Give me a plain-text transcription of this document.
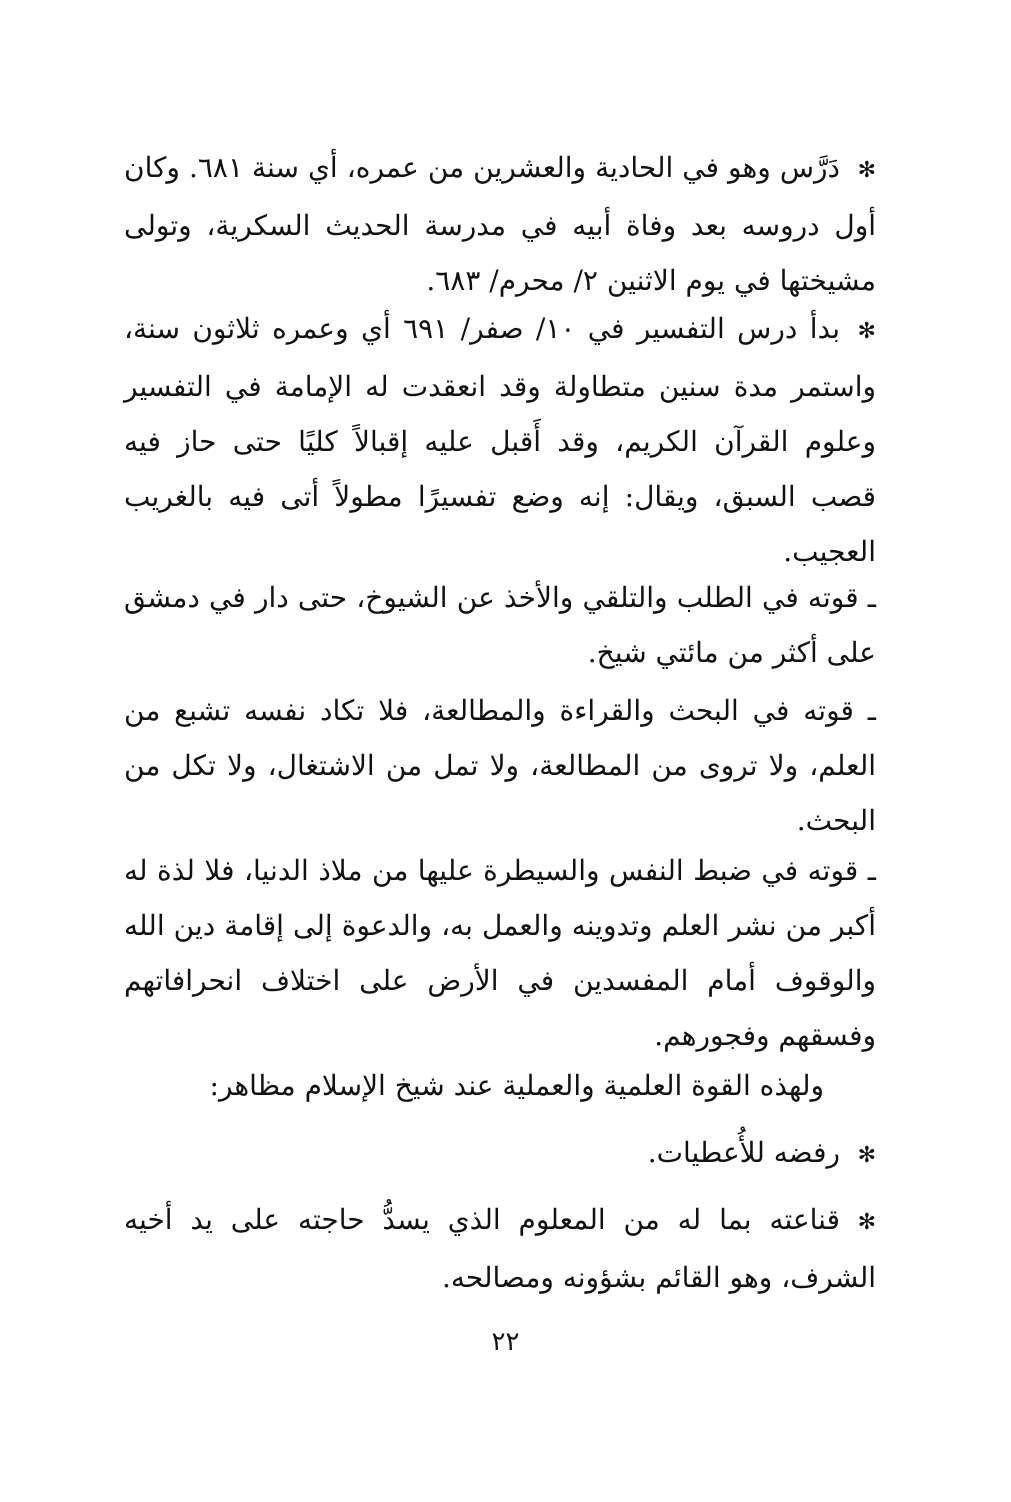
✻دَرَّس وهو في الحادية والعشرين من عمره، أي سنة ٦٨١. وكان أول دروسه بعد وفاة أبيه في مدرسة الحديث السكرية، وتولى مشيختها في يوم الاثنين ٢/ محرم/ ٦٨٣.

✻بدأ درس التفسير في ١٠/ صفر/ ٦٩١ أي وعمره ثلاثون سنة، واستمر مدة سنين متطاولة وقد انعقدت له الإمامة في التفسير وعلوم القرآن الكريم، وقد أَقبل عليه إقبالاً كليًا حتى حاز فيه قصب السبق، ويقال: إنه وضع تفسيرًا مطولاً أتى فيه بالغريب العجيب.

ـ قوته في الطلب والتلقي والأخذ عن الشيوخ، حتى دار في دمشق على أكثر من مائتي شيخ.

ـ قوته في البحث والقراءة والمطالعة، فلا تكاد نفسه تشبع من العلم، ولا تروى من المطالعة، ولا تمل من الاشتغال، ولا تكل من البحث.

ـ قوته في ضبط النفس والسيطرة عليها من ملاذ الدنيا، فلا لذة له أكبر من نشر العلم وتدوينه والعمل به، والدعوة إلى إقامة دين الله والوقوف أمام المفسدين في الأرض على اختلاف انحرافاتهم وفسقهم وفجورهم.

ولهذه القوة العلمية والعملية عند شيخ الإسلام مظاهر:

✻رفضه للأُعطيات.

✻قناعته بما له من المعلوم الذي يسدُّ حاجته على يد أخيه الشرف، وهو القائم بشؤونه ومصالحه.

٢٢
